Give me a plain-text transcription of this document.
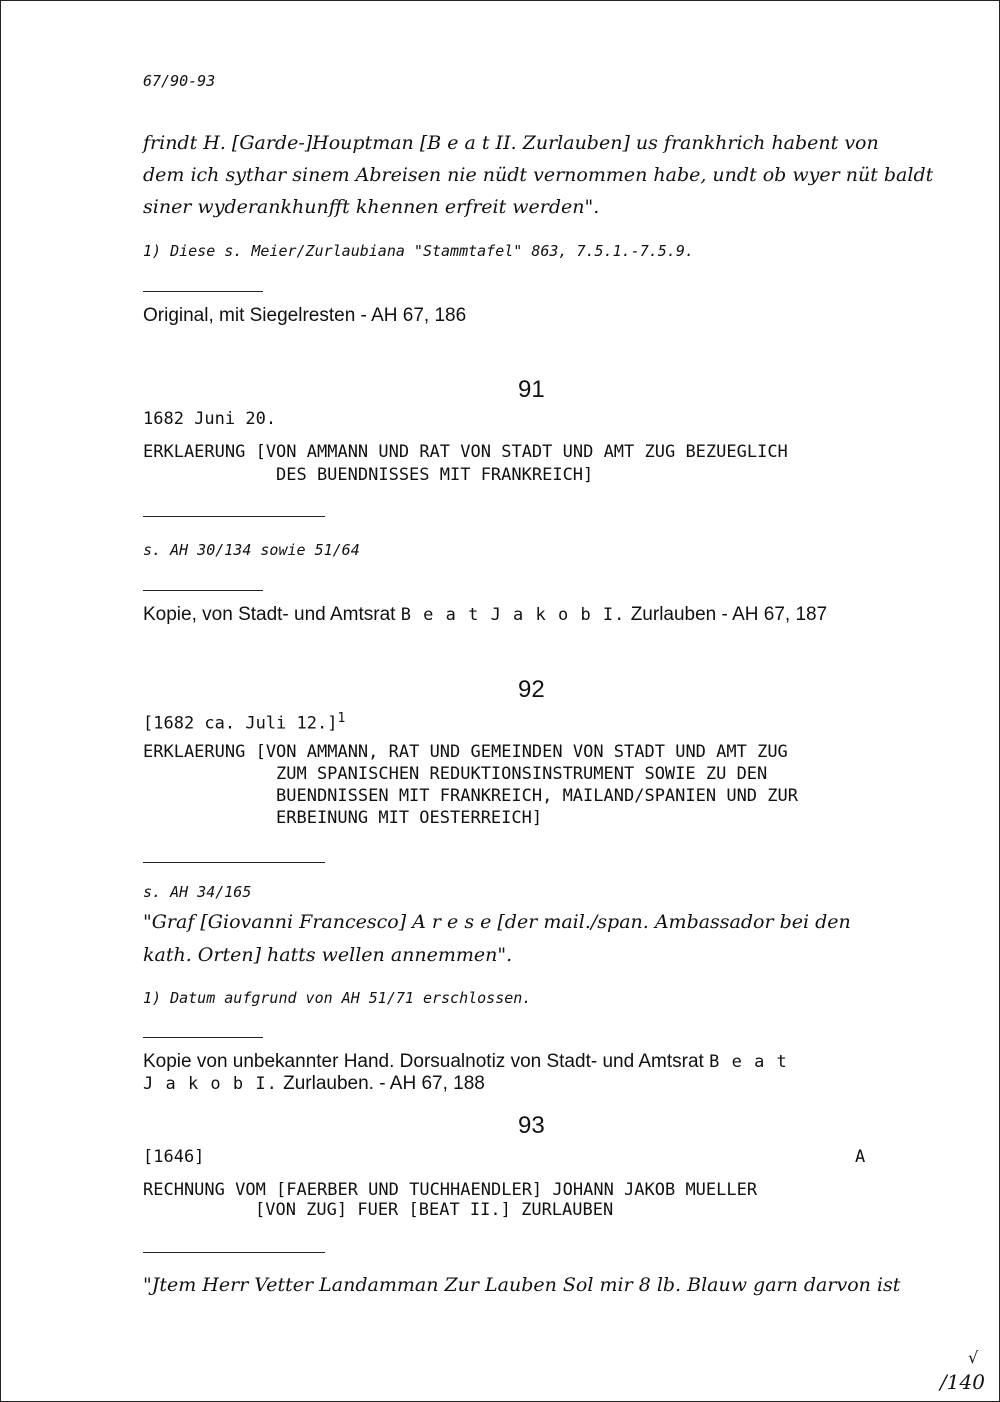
67/90-93
frindt H. [Garde-]Houptman [B e a t II. Zurlauben] us frankhrich habent von
dem ich sythar sinem Abreisen nie nüdt vernommen habe, undt ob wyer nüt baldt
siner wyderankhunfft khennen erfreit werden".
1) Diese s. Meier/Zurlaubiana "Stammtafel" 863, 7.5.1.-7.5.9.
Original, mit Siegelresten - AH 67, 186
91
1682 Juni 20.
ERKLAERUNG [VON AMMANN UND RAT VON STADT UND AMT ZUG BEZUEGLICH
DES BUENDNISSES MIT FRANKREICH]
s. AH 30/134 sowie 51/64
Kopie, von Stadt- und Amtsrat B e a t J a k o b I. Zurlauben - AH 67, 187
92
[1682 ca. Juli 12.]$^1$
ERKLAERUNG [VON AMMANN, RAT UND GEMEINDEN VON STADT UND AMT ZUG
ZUM SPANISCHEN REDUKTIONSINSTRUMENT SOWIE ZU DEN
BUENDNISSEN MIT FRANKREICH, MAILAND/SPANIEN UND ZUR
ERBEINUNG MIT OESTERREICH]
s. AH 34/165
"Graf [Giovanni Francesco] A r e s e [der mail./span. Ambassador bei den
kath. Orten] hatts wellen annemmen".
1) Datum aufgrund von AH 51/71 erschlossen.
Kopie von unbekannter Hand. Dorsualnotiz von Stadt- und Amtsrat B e a t
J a k o b I. Zurlauben. - AH 67, 188
93
[1646]	A
RECHNUNG VOM [FAERBER UND TUCHHAENDLER] JOHANN JAKOB MUELLER
[VON ZUG] FUER [BEAT II.] ZURLAUBEN
"Jtem Herr Vetter Landamman Zur Lauben Sol mir 8 lb. Blauw garn darvon ist
√
/140
